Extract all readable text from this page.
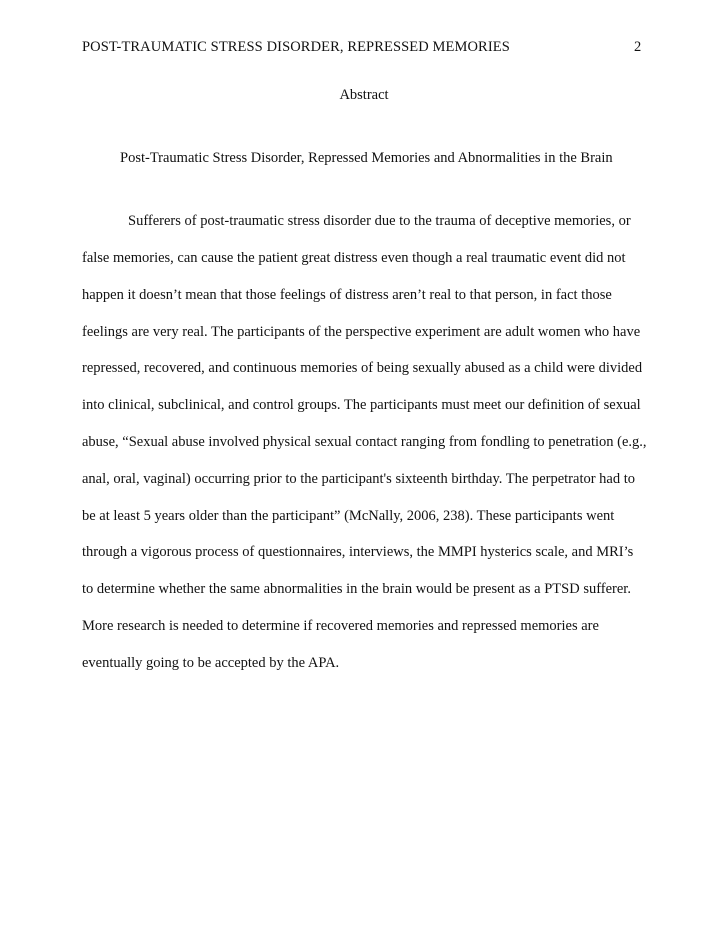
POST-TRAUMATIC STRESS DISORDER, REPRESSED MEMORIES	2
Abstract
Post-Traumatic Stress Disorder, Repressed Memories and Abnormalities in the Brain
Sufferers of post-traumatic stress disorder due to the trauma of deceptive memories, or
false memories, can cause the patient great distress even though a real traumatic event did not
happen it doesn’t mean that those feelings of distress aren’t real to that person, in fact those
feelings are very real. The participants of the perspective experiment are adult women who have
repressed, recovered, and continuous memories of being sexually abused as a child were divided
into clinical, subclinical, and control groups. The participants must meet our definition of sexual
abuse, “Sexual abuse involved physical sexual contact ranging from fondling to penetration (e.g.,
anal, oral, vaginal) occurring prior to the participant's sixteenth birthday. The perpetrator had to
be at least 5 years older than the participant” (McNally, 2006, 238). These participants went
through a vigorous process of questionnaires, interviews, the MMPI hysterics scale, and MRI’s
to determine whether the same abnormalities in the brain would be present as a PTSD sufferer.
More research is needed to determine if recovered memories and repressed memories are
eventually going to be accepted by the APA.
